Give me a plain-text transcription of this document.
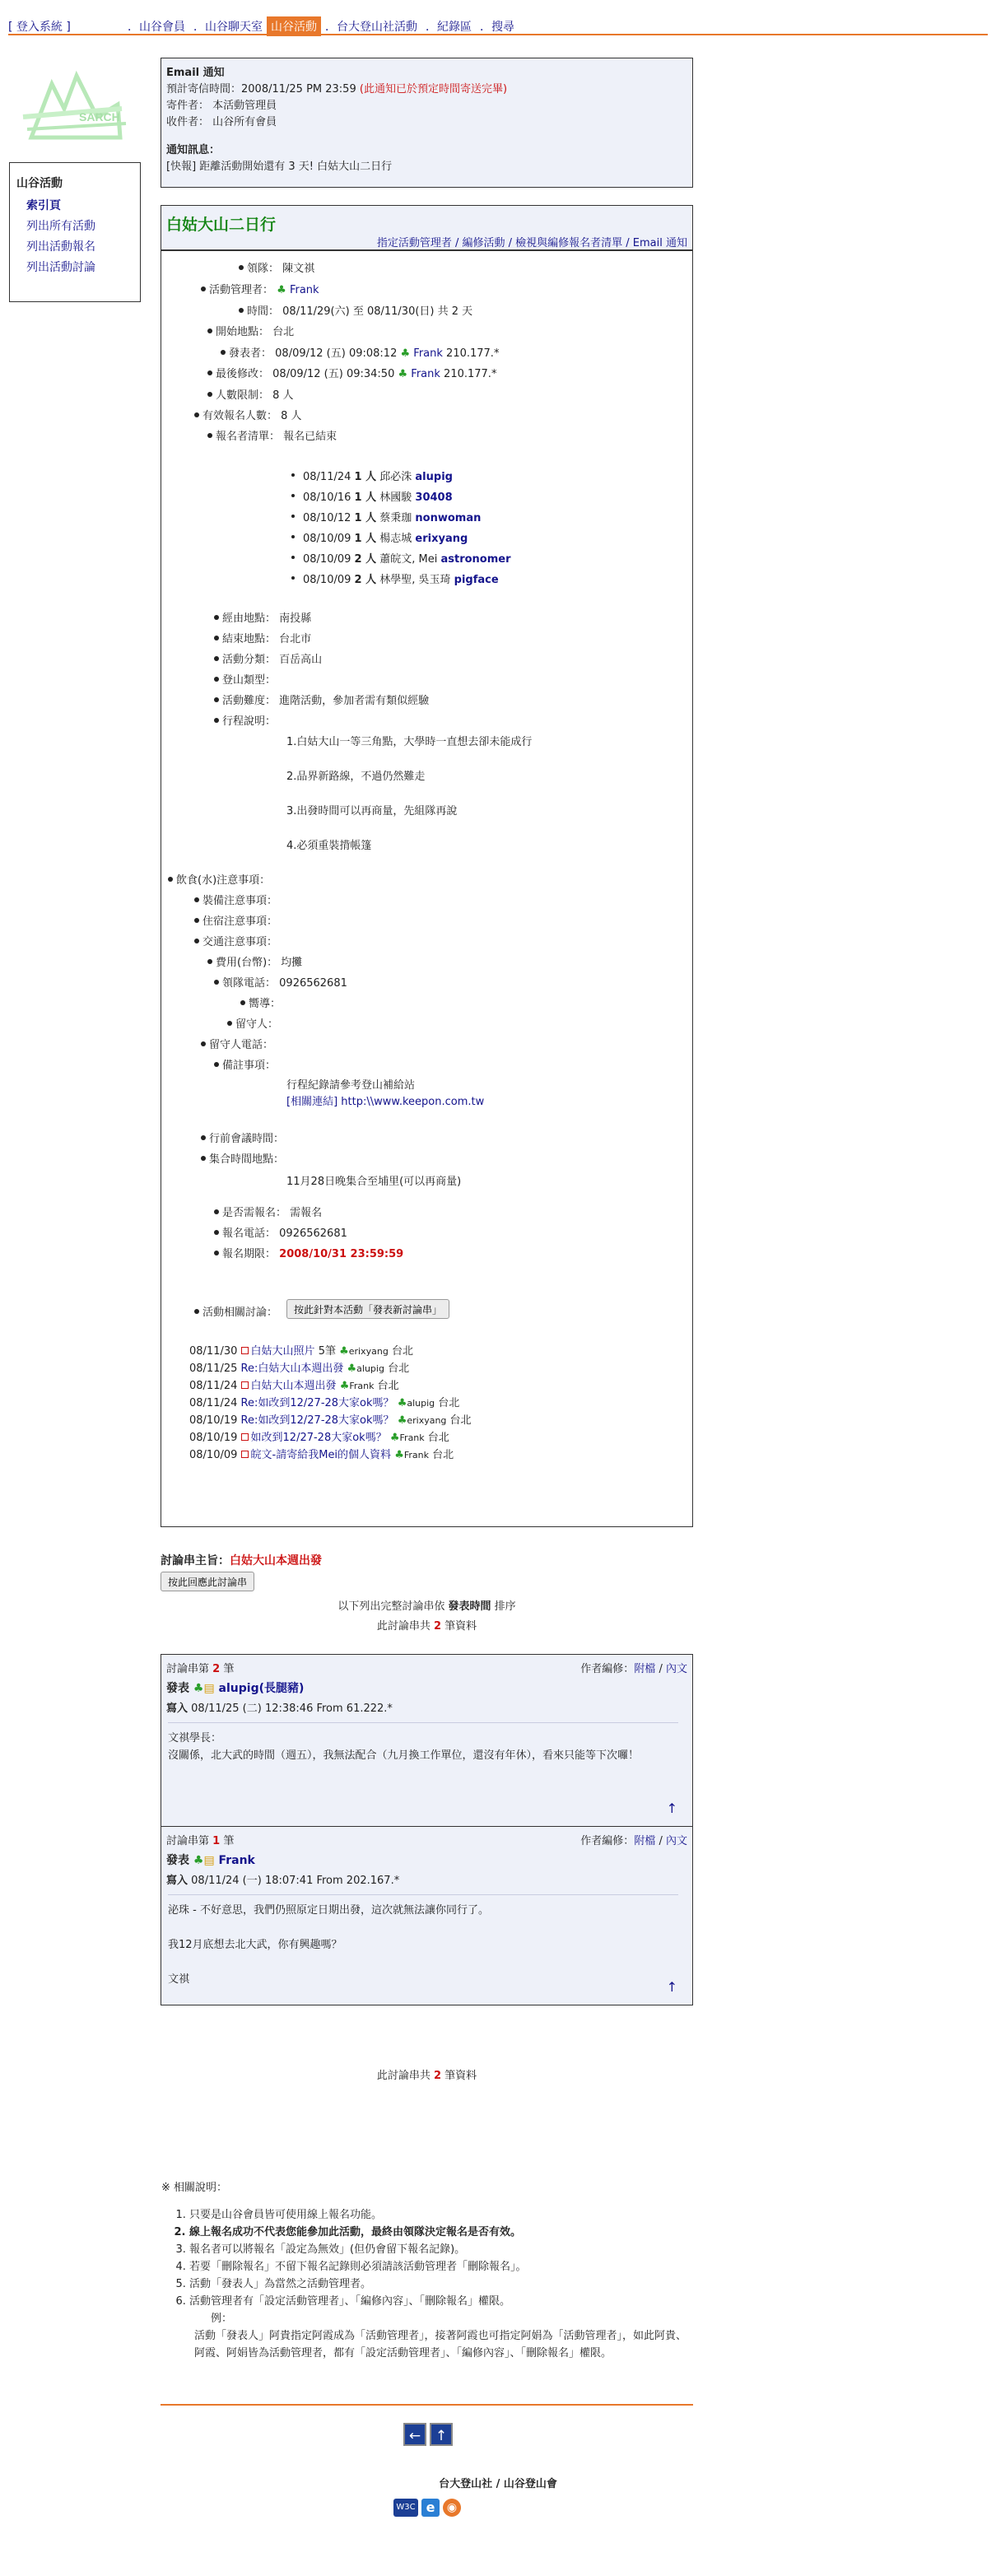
[ 登入系統 ]	．山谷會員 ．山谷聊天室 山谷活動 ．台大登山社活動 ．紀錄區 ．搜尋
SARCH
山谷活動
索引頁
列出所有活動
列出活動報名
列出活動討論
Email 通知
預計寄信時間：2008/11/25 PM 23:59 (此通知已於預定時間寄送完畢)
寄件者： 本活動管理員
收件者： 山谷所有會員
通知訊息：
[快報] 距離活動開始還有 3 天! 白姑大山二日行
白姑大山二日行
指定活動管理者 / 編修活動 / 檢視與編修報名者清單 / Email 通知
領隊： 陳文祺
活動管理者： ♣ Frank
時間： 08/11/29(六) 至 08/11/30(日) 共 2 天
開始地點： 台北
發表者： 08/09/12 (五) 09:08:12 ♣ Frank 210.177.*
最後修改： 08/09/12 (五) 09:34:50 ♣ Frank 210.177.*
人數限制： 8 人
有效報名人數： 8 人
報名者清單： 報名已結束
08/11/24 1 人 邱必洙 alupig
08/10/16 1 人 林國駿 30408
08/10/12 1 人 蔡秉珈 nonwoman
08/10/09 1 人 楊志城 erixyang
08/10/09 2 人 蕭皖文, Mei astronomer
08/10/09 2 人 林學聖, 吳玉琦 pigface
經由地點： 南投縣
結束地點： 台北市
活動分類： 百岳高山
登山類型：
活動難度： 進階活動，參加者需有類似經驗
行程說明：
1.白姑大山一等三角點，大學時一直想去卻未能成行
2.品界新路線，不過仍然難走
3.出發時間可以再商量，先組隊再說
4.必須重裝揹帳篷
飲食(水)注意事項：
裝備注意事項：
住宿注意事項：
交通注意事項：
費用(台幣)： 均攤
領隊電話： 0926562681
嚮導：
留守人：
留守人電話：
備註事項：
行程紀錄請參考登山補給站
[相關連結] http:\\www.keepon.com.tw
行前會議時間：
集合時間地點：
11月28日晚集合至埔里(可以再商量)
是否需報名： 需報名
報名電話： 0926562681
報名期限： 2008/10/31 23:59:59
活動相關討論：	按此針對本活動「發表新討論串」
08/11/30 白姑大山照片 5筆 ♣erixyang 台北
08/11/25 Re:白姑大山本週出發 ♣alupig 台北
08/11/24 白姑大山本週出發 ♣Frank 台北
08/11/24 Re:如改到12/27-28大家ok嗎？ ♣alupig 台北
08/10/19 Re:如改到12/27-28大家ok嗎？ ♣erixyang 台北
08/10/19 如改到12/27-28大家ok嗎？ ♣Frank 台北
08/10/09 皖文-請寄給我Mei的個人資料 ♣Frank 台北
討論串主旨：白姑大山本週出發
按此回應此討論串
以下列出完整討論串依 發表時間 排序
此討論串共 2 筆資料
討論串第 2 筆	作者編修：附檔 / 內文
發表 ♣▤ alupig(長腿豬)
寫入 08/11/25 (二) 12:38:46 From 61.222.*
文祺學長：
沒關係，北大武的時間（週五），我無法配合（九月換工作單位，還沒有年休），看來只能等下次囉！
↑
討論串第 1 筆	作者編修：附檔 / 內文
發表 ♣▤ Frank
寫入 08/11/24 (一) 18:07:41 From 202.167.*
泌珠 - 不好意思，我們仍照原定日期出發，這次就無法讓你同行了。

我12月底想去北大武，你有興趣嗎？

文祺	↑
此討論串共 2 筆資料
※ 相關說明：
1. 只要是山谷會員皆可使用線上報名功能。
2. 線上報名成功不代表您能參加此活動，最終由領隊決定報名是否有效。
3. 報名者可以將報名「設定為無效」(但仍會留下報名記錄)。
4. 若要「刪除報名」不留下報名記錄則必須請該活動管理者「刪除報名」。
5. 活動「發表人」為當然之活動管理者。
6. 活動管理者有「設定活動管理者」、「編修內容」、「刪除報名」權限。
例：
活動「發表人」阿貴指定阿霞成為「活動管理者」，接著阿霞也可指定阿娟為「活動管理者」，如此阿貴、阿霞、阿娟皆為活動管理者，都有「設定活動管理者」、「編修內容」、「刪除報名」權限。
←	↑
台大登山社 / 山谷登山會
W3C e	◉
